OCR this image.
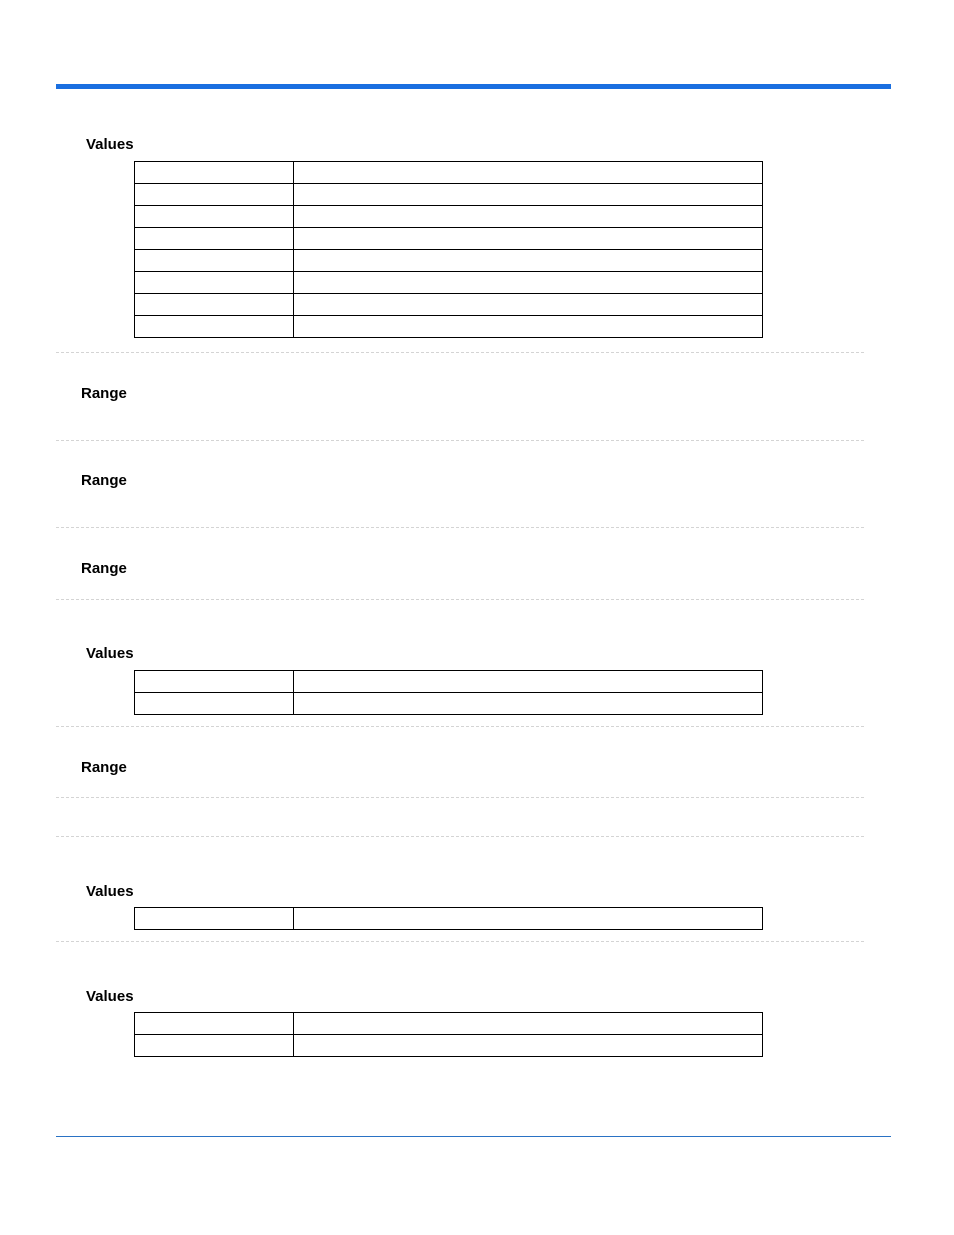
Values

Range
Range
Range
Values

Range
Values

Values
